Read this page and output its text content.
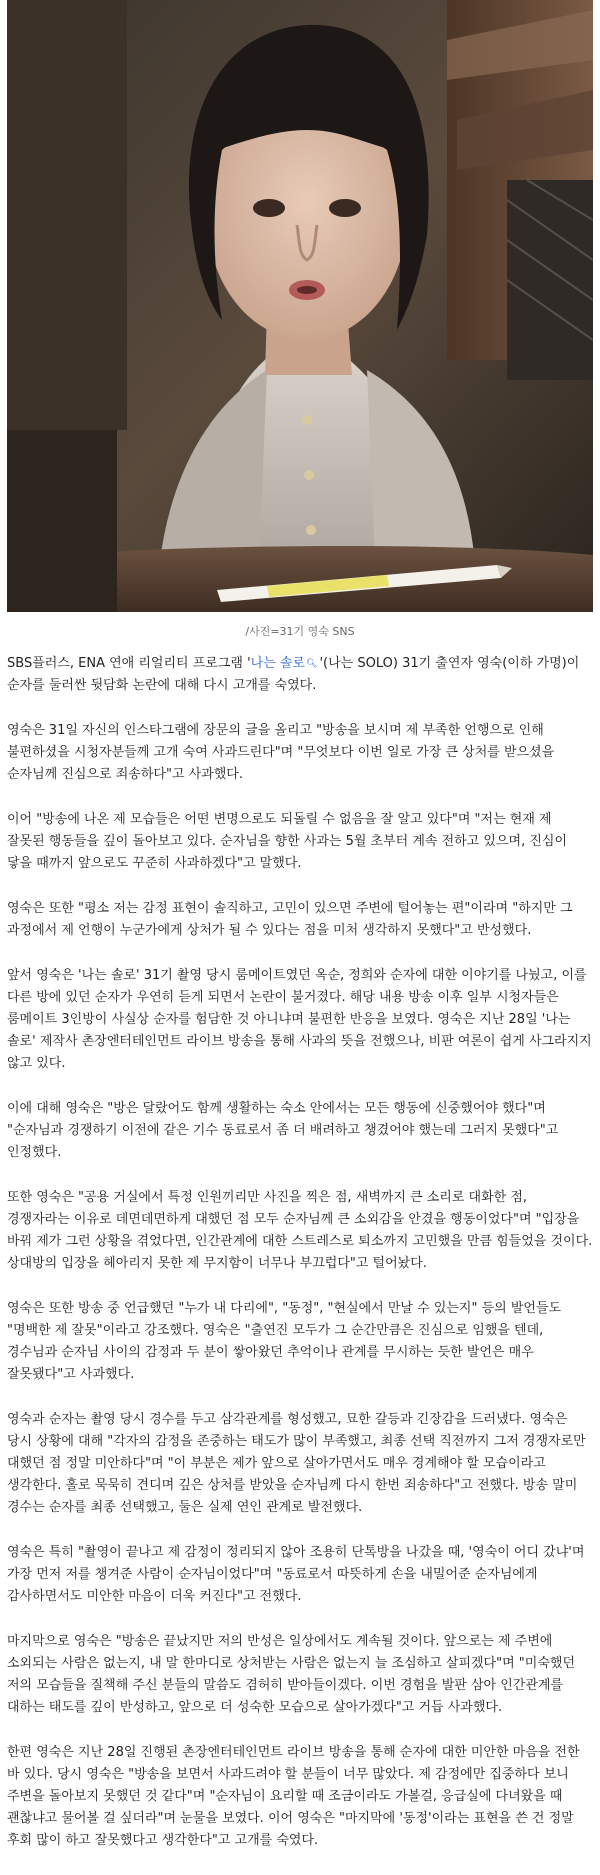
/사진=31기 영숙 SNS

SBS플러스, ENA 연애 리얼리티 프로그램 '나는 솔로🔍︎ '(나는 SOLO) 31기 출연자 영숙(이하 가명)이 순자를 둘러싼 뒷담화 논란에 대해 다시 고개를 숙였다.

영숙은 31일 자신의 인스타그램에 장문의 글을 올리고 "방송을 보시며 제 부족한 언행으로 인해 불편하셨을 시청자분들께 고개 숙여 사과드린다"며 "무엇보다 이번 일로 가장 큰 상처를 받으셨을 순자님께 진심으로 죄송하다"고 사과했다.

이어 "방송에 나온 제 모습들은 어떤 변명으로도 되돌릴 수 없음을 잘 알고 있다"며 "저는 현재 제 잘못된 행동들을 깊이 돌아보고 있다. 순자님을 향한 사과는 5월 초부터 계속 전하고 있으며, 진심이 닿을 때까지 앞으로도 꾸준히 사과하겠다"고 말했다.

영숙은 또한 "평소 저는 감정 표현이 솔직하고, 고민이 있으면 주변에 털어놓는 편"이라며 "하지만 그 과정에서 제 언행이 누군가에게 상처가 될 수 있다는 점을 미처 생각하지 못했다"고 반성했다.

앞서 영숙은 '나는 솔로' 31기 촬영 당시 룸메이트였던 옥순, 정희와 순자에 대한 이야기를 나눴고, 이를 다른 방에 있던 순자가 우연히 듣게 되면서 논란이 불거졌다. 해당 내용 방송 이후 일부 시청자들은 룸메이트 3인방이 사실상 순자를 험담한 것 아니냐며 불편한 반응을 보였다. 영숙은 지난 28일 '나는 솔로' 제작사 촌장엔터테인먼트 라이브 방송을 통해 사과의 뜻을 전했으나, 비판 여론이 쉽게 사그라지지 않고 있다.

이에 대해 영숙은 "방은 달랐어도 함께 생활하는 숙소 안에서는 모든 행동에 신중했어야 했다"며 "순자님과 경쟁하기 이전에 같은 기수 동료로서 좀 더 배려하고 챙겼어야 했는데 그러지 못했다"고 인정했다.

또한 영숙은 "공용 거실에서 특정 인원끼리만 사진을 찍은 점, 새벽까지 큰 소리로 대화한 점, 경쟁자라는 이유로 데면데면하게 대했던 점 모두 순자님께 큰 소외감을 안겼을 행동이었다"며 "입장을 바꿔 제가 그런 상황을 겪었다면, 인간관계에 대한 스트레스로 퇴소까지 고민했을 만큼 힘들었을 것이다. 상대방의 입장을 헤아리지 못한 제 무지함이 너무나 부끄럽다"고 털어놨다.

영숙은 또한 방송 중 언급했던 "누가 내 다리에", "동정", "현실에서 만날 수 있는지" 등의 발언들도 "명백한 제 잘못"이라고 강조했다. 영숙은 "출연진 모두가 그 순간만큼은 진심으로 임했을 텐데, 경수님과 순자님 사이의 감정과 두 분이 쌓아왔던 추억이나 관계를 무시하는 듯한 발언은 매우 잘못됐다"고 사과했다.

영숙과 순자는 촬영 당시 경수를 두고 삼각관계를 형성했고, 묘한 갈등과 긴장감을 드러냈다. 영숙은 당시 상황에 대해 "각자의 감정을 존중하는 태도가 많이 부족했고, 최종 선택 직전까지 그저 경쟁자로만 대했던 점 정말 미안하다"며 "이 부분은 제가 앞으로 살아가면서도 매우 경계해야 할 모습이라고 생각한다. 홀로 묵묵히 견디며 깊은 상처를 받았을 순자님께 다시 한번 죄송하다"고 전했다. 방송 말미 경수는 순자를 최종 선택했고, 둘은 실제 연인 관계로 발전했다.

영숙은 특히 "촬영이 끝나고 제 감정이 정리되지 않아 조용히 단톡방을 나갔을 때, '영숙이 어디 갔냐'며 가장 먼저 저를 챙겨준 사람이 순자님이었다"며 "동료로서 따뜻하게 손을 내밀어준 순자님에게 감사하면서도 미안한 마음이 더욱 커진다"고 전했다.

마지막으로 영숙은 "방송은 끝났지만 저의 반성은 일상에서도 계속될 것이다. 앞으로는 제 주변에 소외되는 사람은 없는지, 내 말 한마디로 상처받는 사람은 없는지 늘 조심하고 살피겠다"며 "미숙했던 저의 모습들을 질책해 주신 분들의 말씀도 겸허히 받아들이겠다. 이번 경험을 발판 삼아 인간관계를 대하는 태도를 깊이 반성하고, 앞으로 더 성숙한 모습으로 살아가겠다"고 거듭 사과했다.

한편 영숙은 지난 28일 진행된 촌장엔터테인먼트 라이브 방송을 통해 순자에 대한 미안한 마음을 전한 바 있다. 당시 영숙은 "방송을 보면서 사과드려야 할 분들이 너무 많았다. 제 감정에만 집중하다 보니 주변을 돌아보지 못했던 것 같다"며 "순자님이 요리할 때 조금이라도 가볼걸, 응급실에 다녀왔을 때 괜찮냐고 물어볼 걸 싶더라"며 눈물을 보였다. 이어 영숙은 "마지막에 '동정'이라는 표현을 쓴 건 정말 후회 많이 하고 잘못했다고 생각한다"고 고개를 숙였다.
